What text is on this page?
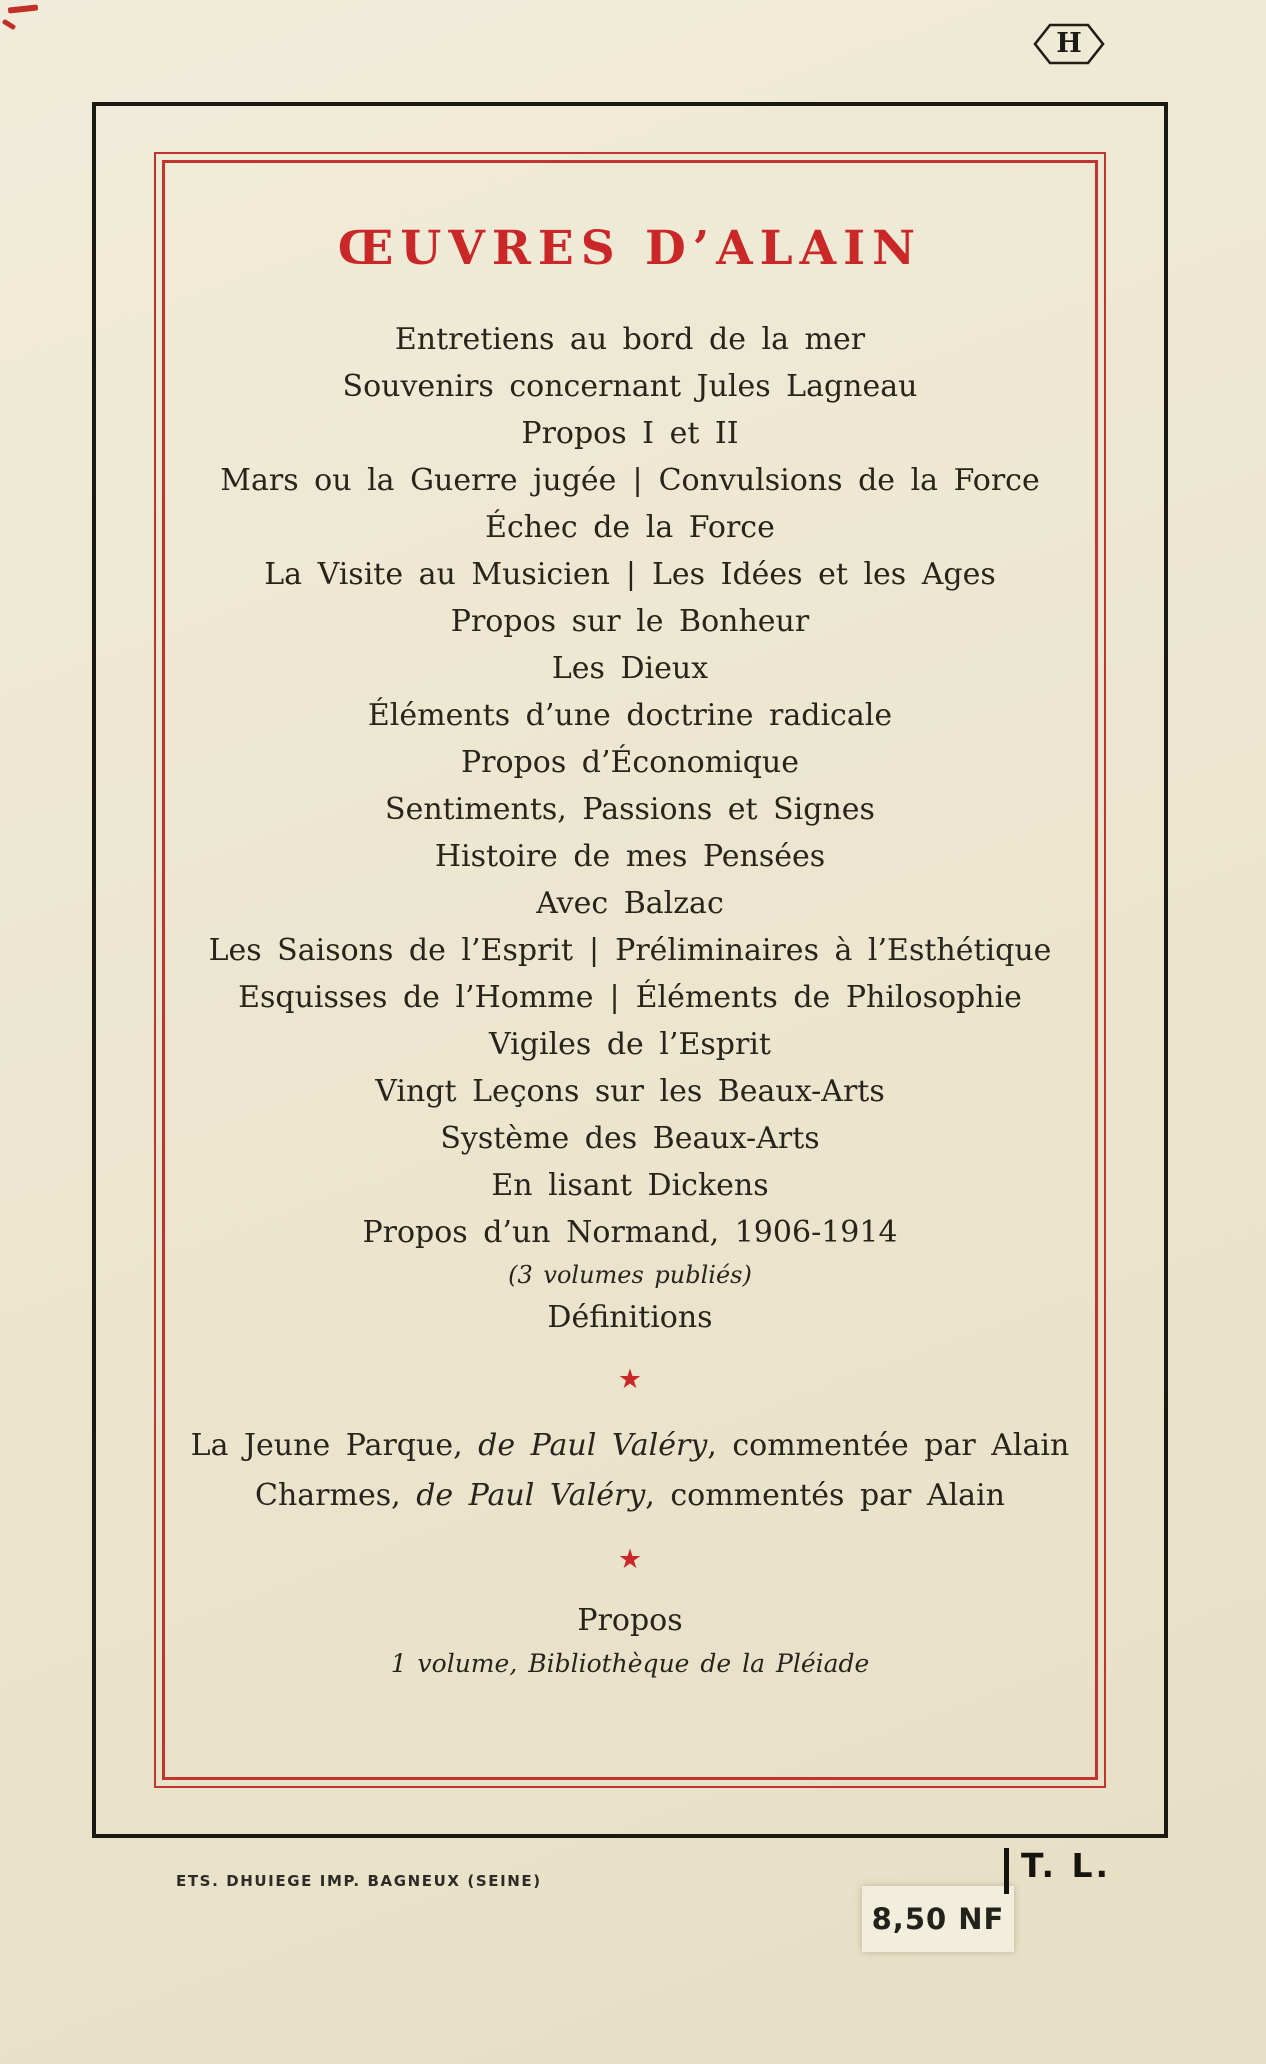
H
ŒUVRES D’ALAIN
Entretiens au bord de la mer
Souvenirs concernant Jules Lagneau
Propos I et II
Mars ou la Guerre jugée | Convulsions de la Force
Échec de la Force
La Visite au Musicien | Les Idées et les Ages
Propos sur le Bonheur
Les Dieux
Éléments d’une doctrine radicale
Propos d’Économique
Sentiments, Passions et Signes
Histoire de mes Pensées
Avec Balzac
Les Saisons de l’Esprit | Préliminaires à l’Esthétique
Esquisses de l’Homme | Éléments de Philosophie
Vigiles de l’Esprit
Vingt Leçons sur les Beaux-Arts
Système des Beaux-Arts
En lisant Dickens
Propos d’un Normand, 1906-1914
(3 volumes publiés)
Définitions
★
La Jeune Parque, de Paul Valéry, commentée par Alain
Charmes, de Paul Valéry, commentés par Alain
★
Propos
1 volume, Bibliothèque de la Pléiade
ETS. DHUIEGE IMP. BAGNEUX (SEINE)
8,50 NF
T. L.
